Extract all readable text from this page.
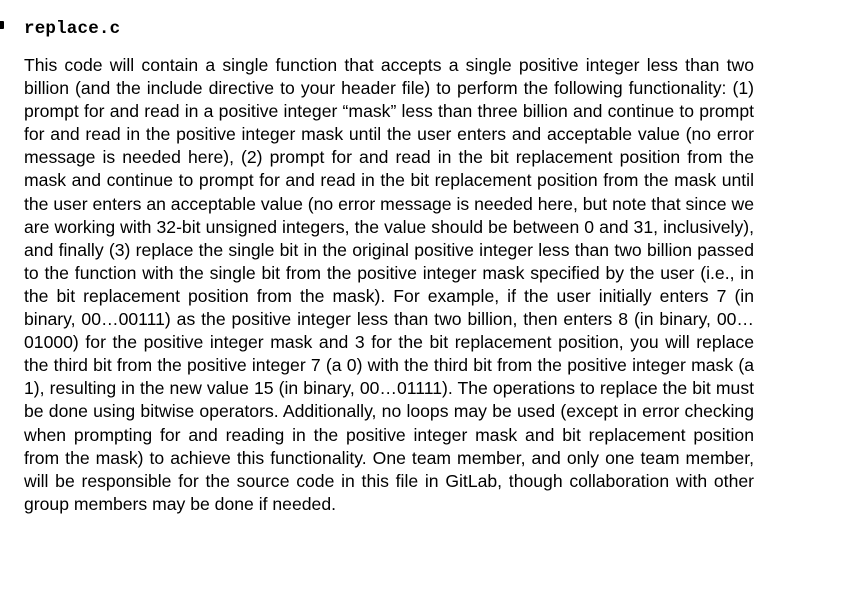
replace.c

This code will contain a single function that accepts a single positive integer less than two billion (and the include directive to your header file) to perform the following functionality: (1) prompt for and read in a positive integer “mask” less than three billion and continue to prompt for and read in the positive integer mask until the user enters and acceptable value (no error message is needed here), (2) prompt for and read in the bit replacement position from the mask and continue to prompt for and read in the bit replacement position from the mask until the user enters an acceptable value (no error message is needed here, but note that since we are working with 32-bit unsigned integers, the value should be between 0 and 31, inclusively), and finally (3) replace the single bit in the original positive integer less than two billion passed to the function with the single bit from the positive integer mask specified by the user (i.e., in the bit replacement position from the mask). For example, if the user initially enters 7 (in binary, 00…00111) as the positive integer less than two billion, then enters 8 (in binary, 00…01000) for the positive integer mask and 3 for the bit replacement position, you will replace the third bit from the positive integer 7 (a 0) with the third bit from the positive integer mask (a 1), resulting in the new value 15 (in binary, 00…01111). The operations to replace the bit must be done using bitwise operators. Additionally, no loops may be used (except in error checking when prompting for and reading in the positive integer mask and bit replacement position from the mask) to achieve this functionality. One team member, and only one team member, will be responsible for the source code in this file in GitLab, though collaboration with other group members may be done if needed.
